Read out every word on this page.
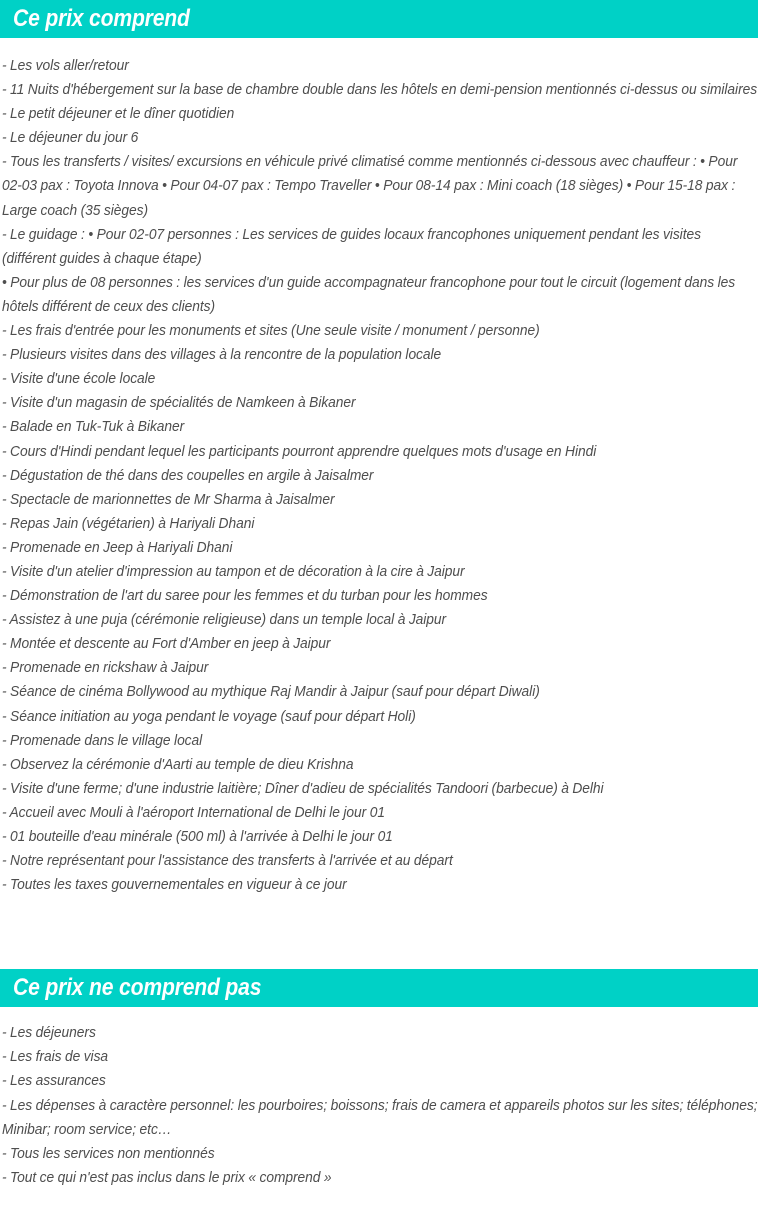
Ce prix comprend
- Les vols aller/retour
- 11 Nuits d'hébergement sur la base de chambre double dans les hôtels en demi-pension mentionnés ci-dessus ou similaires
- Le petit déjeuner et le dîner quotidien
- Le déjeuner du jour 6
- Tous les transferts / visites/ excursions en véhicule privé climatisé comme mentionnés ci-dessous avec chauffeur : • Pour 02-03 pax : Toyota Innova • Pour 04-07 pax : Tempo Traveller • Pour 08-14 pax : Mini coach (18 sièges) • Pour 15-18 pax : Large coach (35 sièges)
- Le guidage : • Pour 02-07 personnes : Les services de guides locaux francophones uniquement pendant les visites (différent guides à chaque étape)
• Pour plus de 08 personnes : les services d'un guide accompagnateur francophone pour tout le circuit (logement dans les hôtels différent de ceux des clients)
- Les frais d'entrée pour les monuments et sites (Une seule visite / monument / personne)
- Plusieurs visites dans des villages à la rencontre de la population locale
- Visite d'une école locale
- Visite d'un magasin de spécialités de Namkeen à Bikaner
- Balade en Tuk-Tuk à Bikaner
- Cours d'Hindi pendant lequel les participants pourront apprendre quelques mots d'usage en Hindi
- Dégustation de thé dans des coupelles en argile à Jaisalmer
- Spectacle de marionnettes de Mr Sharma à Jaisalmer
- Repas Jain (végétarien) à Hariyali Dhani
- Promenade en Jeep à Hariyali Dhani
- Visite d'un atelier d'impression au tampon et de décoration à la cire à Jaipur
- Démonstration de l'art du saree pour les femmes et du turban pour les hommes
- Assistez à une puja (cérémonie religieuse) dans un temple local à Jaipur
- Montée et descente au Fort d'Amber en jeep à Jaipur
- Promenade en rickshaw à Jaipur
- Séance de cinéma Bollywood au mythique Raj Mandir à Jaipur (sauf pour départ Diwali)
- Séance initiation au yoga pendant le voyage (sauf pour départ Holi)
- Promenade dans le village local
- Observez la cérémonie d'Aarti au temple de dieu Krishna
- Visite d'une ferme; d'une industrie laitière; Dîner d'adieu de spécialités Tandoori (barbecue) à Delhi
- Accueil avec Mouli à l'aéroport International de Delhi le jour 01
- 01 bouteille d'eau minérale (500 ml) à l'arrivée à Delhi le jour 01
- Notre représentant pour l'assistance des transferts à l'arrivée et au départ
- Toutes les taxes gouvernementales en vigueur à ce jour
Ce prix ne comprend pas
- Les déjeuners
- Les frais de visa
- Les assurances
- Les dépenses à caractère personnel: les pourboires; boissons; frais de camera et appareils photos sur les sites; téléphones; Minibar; room service; etc…
- Tous les services non mentionnés
- Tout ce qui n'est pas inclus dans le prix « comprend »
